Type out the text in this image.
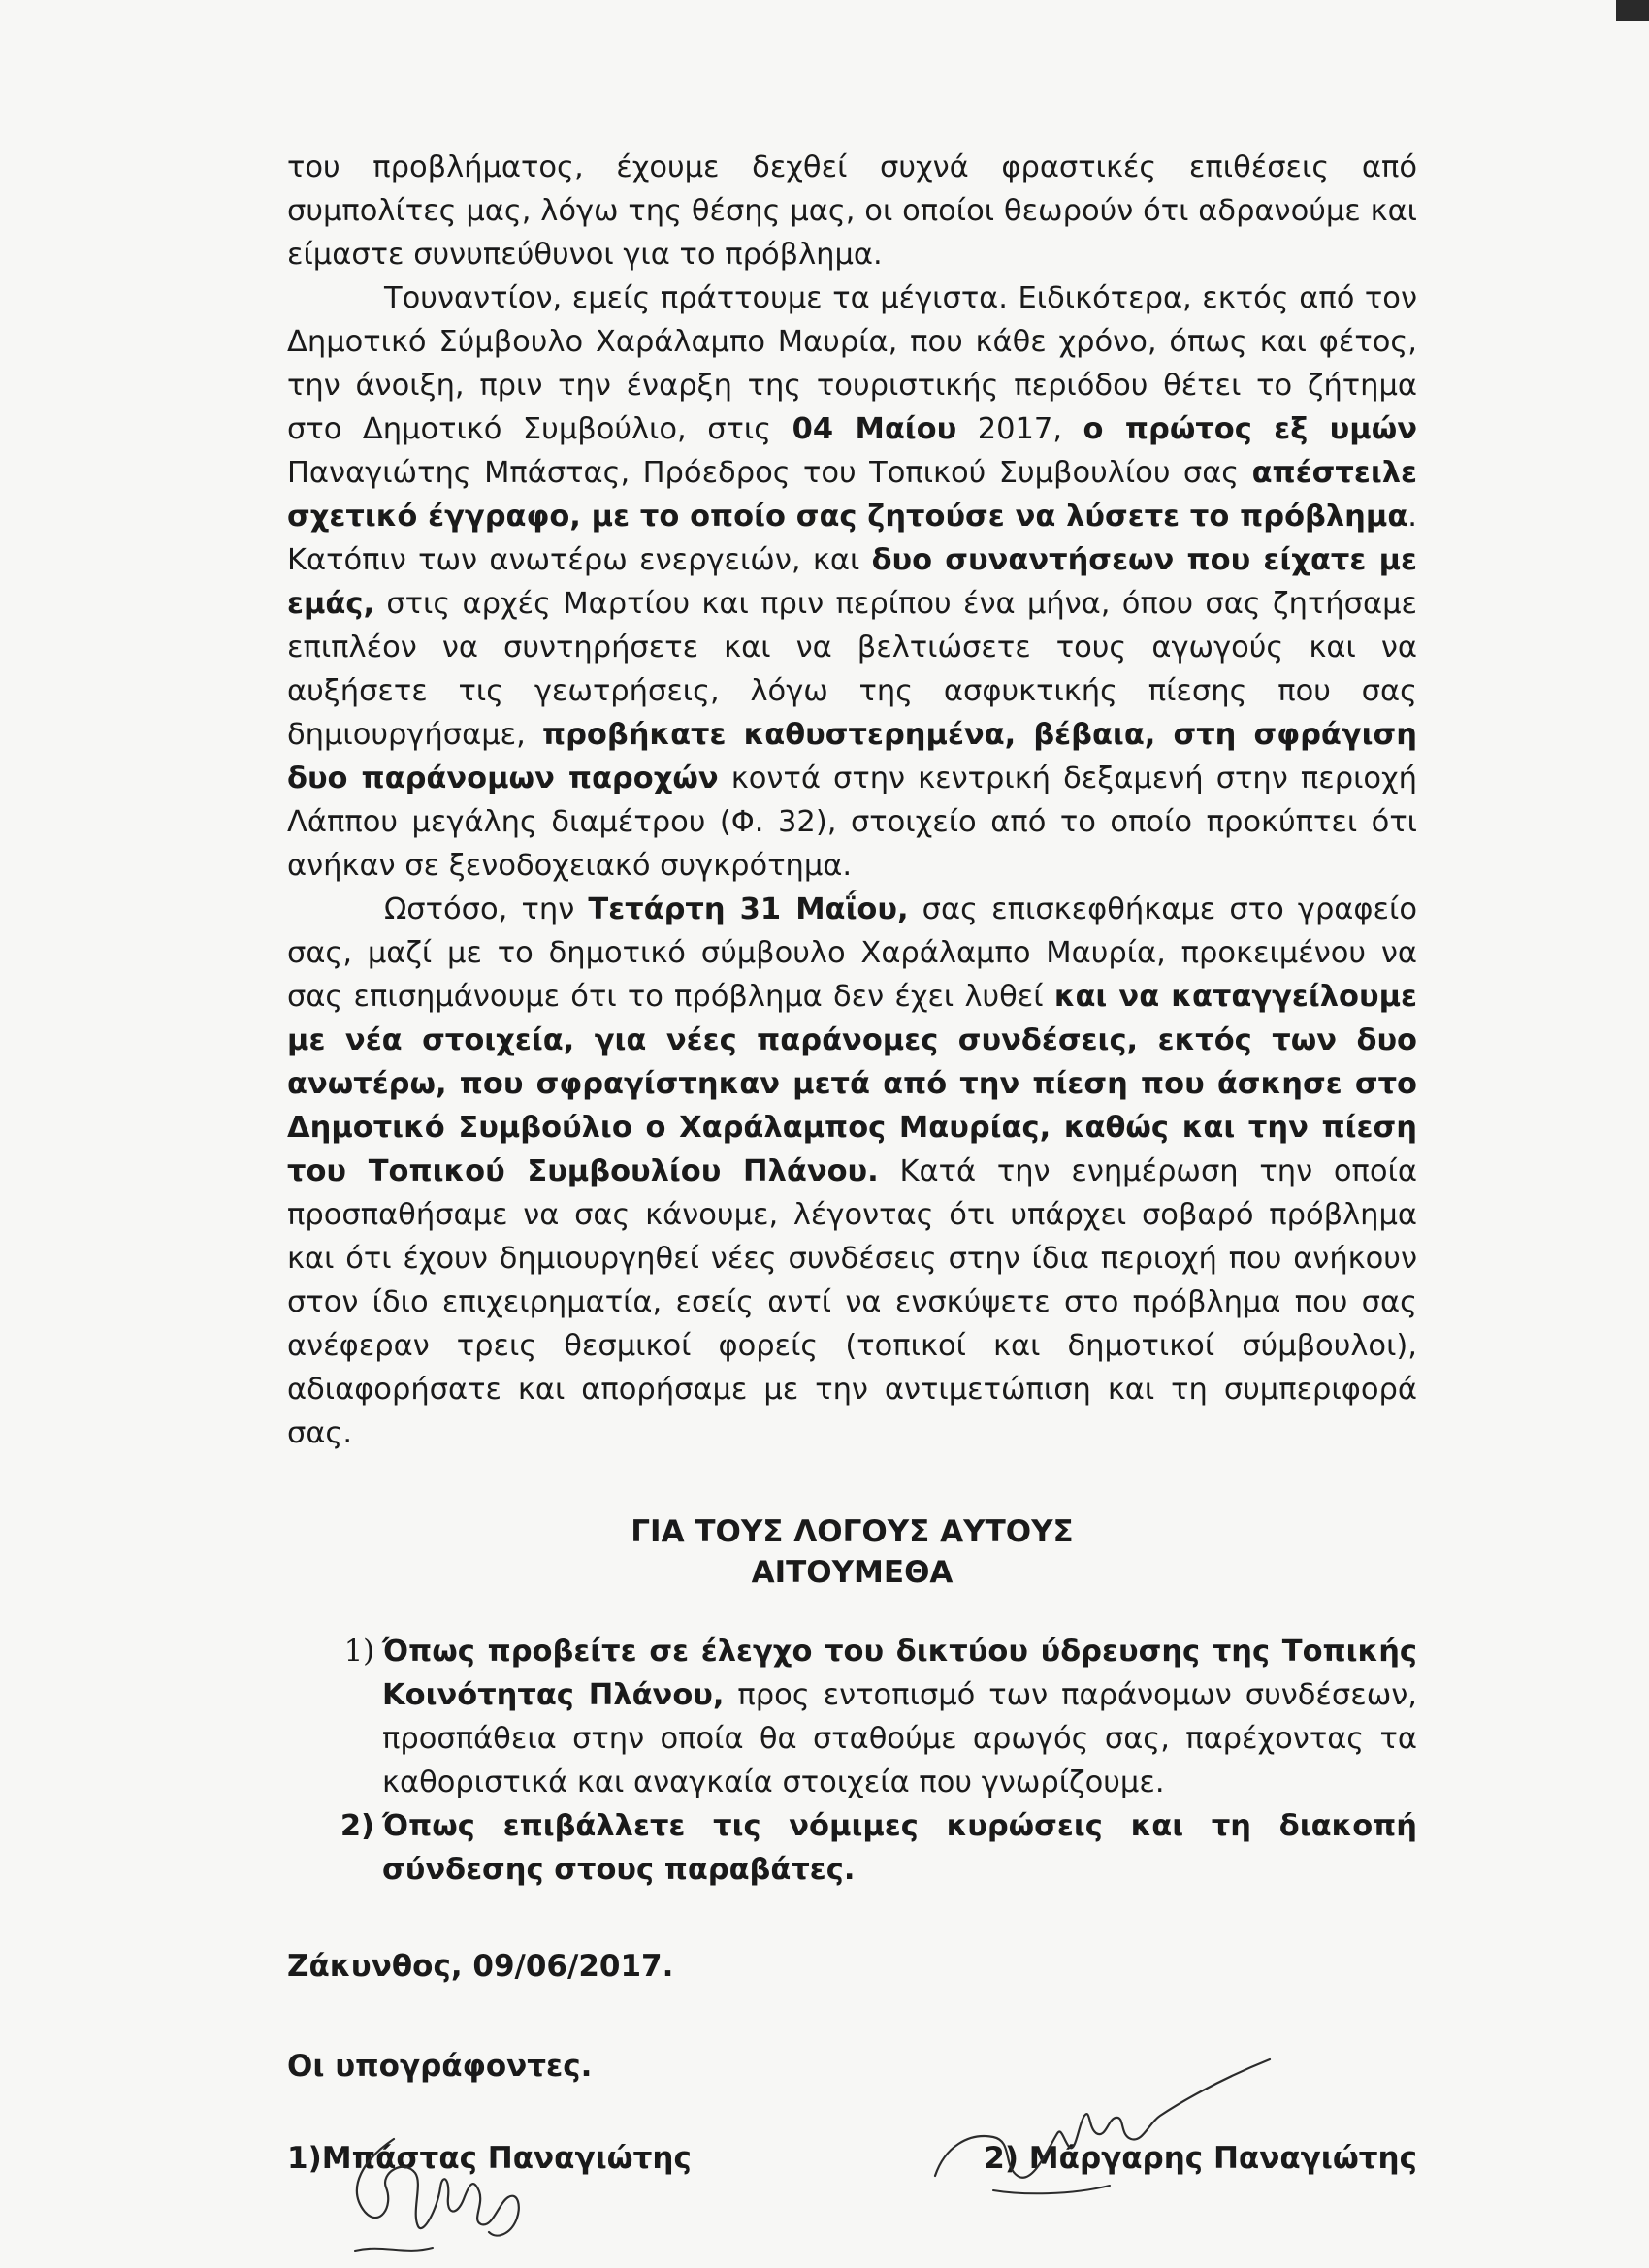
του προβλήματος, έχουμε δεχθεί συχνά φραστικές επιθέσεις από συμπολίτες μας, λόγω της θέσης μας, οι οποίοι θεωρούν ότι αδρανούμε και είμαστε συνυπεύθυνοι για το πρόβλημα.

Τουναντίον, εμείς πράττουμε τα μέγιστα. Ειδικότερα, εκτός από τον Δημοτικό Σύμβουλο Χαράλαμπο Μαυρία, που κάθε χρόνο, όπως και φέτος, την άνοιξη, πριν την έναρξη της τουριστικής περιόδου θέτει το ζήτημα στο Δημοτικό Συμβούλιο, στις 04 Μαίου 2017, ο πρώτος εξ υμών Παναγιώτης Μπάστας, Πρόεδρος του Τοπικού Συμβουλίου σας απέστειλε σχετικό έγγραφο, με το οποίο σας ζητούσε να λύσετε το πρόβλημα. Κατόπιν των ανωτέρω ενεργειών, και δυο συναντήσεων που είχατε με εμάς, στις αρχές Μαρτίου και πριν περίπου ένα μήνα, όπου σας ζητήσαμε επιπλέον να συντηρήσετε και να βελτιώσετε τους αγωγούς και να αυξήσετε τις γεωτρήσεις, λόγω της ασφυκτικής πίεσης που σας δημιουργήσαμε, προβήκατε καθυστερημένα, βέβαια, στη σφράγιση δυο παράνομων παροχών κοντά στην κεντρική δεξαμενή στην περιοχή Λάππου μεγάλης διαμέτρου (Φ. 32), στοιχείο από το οποίο προκύπτει ότι ανήκαν σε ξενοδοχειακό συγκρότημα.

Ωστόσο, την Τετάρτη 31 Μαΐου, σας επισκεφθήκαμε στο γραφείο σας, μαζί με το δημοτικό σύμβουλο Χαράλαμπο Μαυρία, προκειμένου να σας επισημάνουμε ότι το πρόβλημα δεν έχει λυθεί και να καταγγείλουμε με νέα στοιχεία, για νέες παράνομες συνδέσεις, εκτός των δυο ανωτέρω, που σφραγίστηκαν μετά από την πίεση που άσκησε στο Δημοτικό Συμβούλιο ο Χαράλαμπος Μαυρίας, καθώς και την πίεση του Τοπικού Συμβουλίου Πλάνου. Κατά την ενημέρωση την οποία προσπαθήσαμε να σας κάνουμε, λέγοντας ότι υπάρχει σοβαρό πρόβλημα και ότι έχουν δημιουργηθεί νέες συνδέσεις στην ίδια περιοχή που ανήκουν στον ίδιο επιχειρηματία, εσείς αντί να ενσκύψετε στο πρόβλημα που σας ανέφεραν τρεις θεσμικοί φορείς (τοπικοί και δημοτικοί σύμβουλοι), αδιαφορήσατε και απορήσαμε με την αντιμετώπιση και τη συμπεριφορά σας.

ΓΙΑ ΤΟΥΣ ΛΟΓΟΥΣ ΑΥΤΟΥΣ
ΑΙΤΟΥΜΕΘΑ
1) Όπως προβείτε σε έλεγχο του δικτύου ύδρευσης της Τοπικής Κοινότητας Πλάνου, προς εντοπισμό των παράνομων συνδέσεων, προσπάθεια στην οποία θα σταθούμε αρωγός σας, παρέχοντας τα καθοριστικά και αναγκαία στοιχεία που γνωρίζουμε.
2) Όπως επιβάλλετε τις νόμιμες κυρώσεις και τη διακοπή σύνδεσης στους παραβάτες.

Ζάκυνθος, 09/06/2017.

Οι υπογράφοντες.

1)Μπάστας Παναγιώτης	2) Μάργαρης Παναγιώτης
